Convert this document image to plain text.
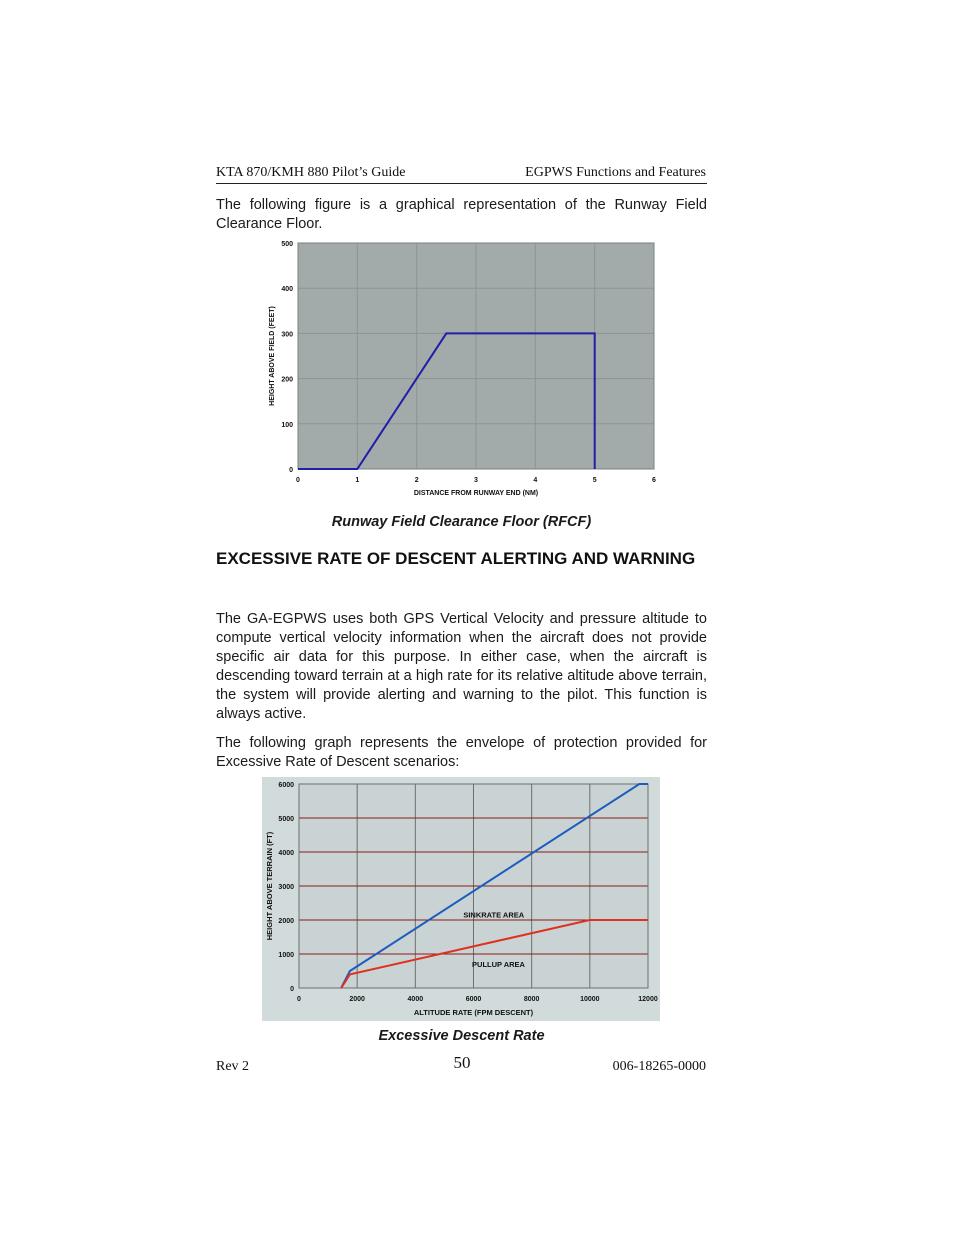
KTA 870/KMH 880 Pilot’s Guide	EGPWS Functions and Features

The following figure is a graphical representation of the Runway Field Clearance Floor.

0	1	2	3	4	5	6
0
100
200
300
400
500
DISTANCE FROM RUNWAY END (NM)
HEIGHT ABOVE FIELD (FEET)
Runway Field Clearance Floor (RFCF)
EXCESSIVE RATE OF DESCENT ALERTING AND WARNING

The GA-EGPWS uses both GPS Vertical Velocity and pressure altitude to compute vertical velocity information when the aircraft does not provide specific air data for this purpose. In either case, when the aircraft is descending toward terrain at a high rate for its relative altitude above terrain, the system will provide alerting and warning to the pilot. This function is always active.

The following graph represents the envelope of protection provided for Excessive Rate of Descent scenarios:

0	2000	4000	6000	8000	10000	12000
0
1000
2000
3000
4000
5000
6000
ALTITUDE RATE (FPM DESCENT)
HEIGHT ABOVE TERRAIN (FT)	SINKRATE AREA
PULLUP AREA
Excessive Descent Rate
Rev 2	50	006-18265-0000
